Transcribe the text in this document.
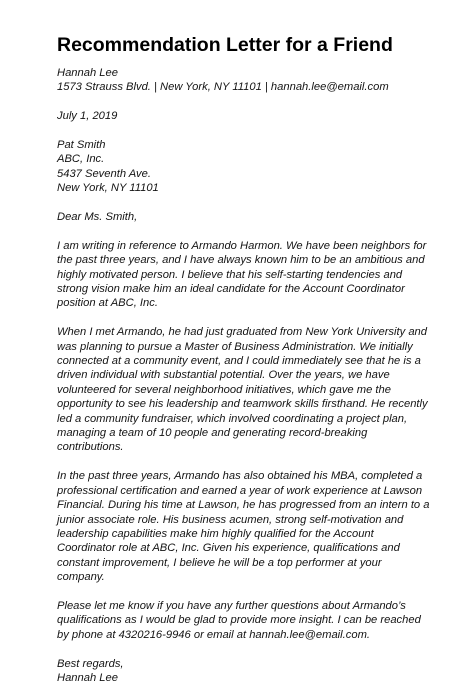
Recommendation Letter for a Friend
Hannah Lee
1573 Strauss Blvd. | New York, NY 11101 | hannah.lee@email.com
July 1, 2019
Pat Smith
ABC, Inc.
5437 Seventh Ave.
New York, NY 11101
Dear Ms. Smith,
I am writing in reference to Armando Harmon. We have been neighbors for
the past three years, and I have always known him to be an ambitious and
highly motivated person. I believe that his self-starting tendencies and
strong vision make him an ideal candidate for the Account Coordinator
position at ABC, Inc.
When I met Armando, he had just graduated from New York University and
was planning to pursue a Master of Business Administration. We initially
connected at a community event, and I could immediately see that he is a
driven individual with substantial potential. Over the years, we have
volunteered for several neighborhood initiatives, which gave me the
opportunity to see his leadership and teamwork skills firsthand. He recently
led a community fundraiser, which involved coordinating a project plan,
managing a team of 10 people and generating record-breaking
contributions.
In the past three years, Armando has also obtained his MBA, completed a
professional certification and earned a year of work experience at Lawson
Financial. During his time at Lawson, he has progressed from an intern to a
junior associate role. His business acumen, strong self-motivation and
leadership capabilities make him highly qualified for the Account
Coordinator role at ABC, Inc. Given his experience, qualifications and
constant improvement, I believe he will be a top performer at your
company.
Please let me know if you have any further questions about Armando’s
qualifications as I would be glad to provide more insight. I can be reached
by phone at 4320216-9946 or email at hannah.lee@email.com.
Best regards,
Hannah Lee
